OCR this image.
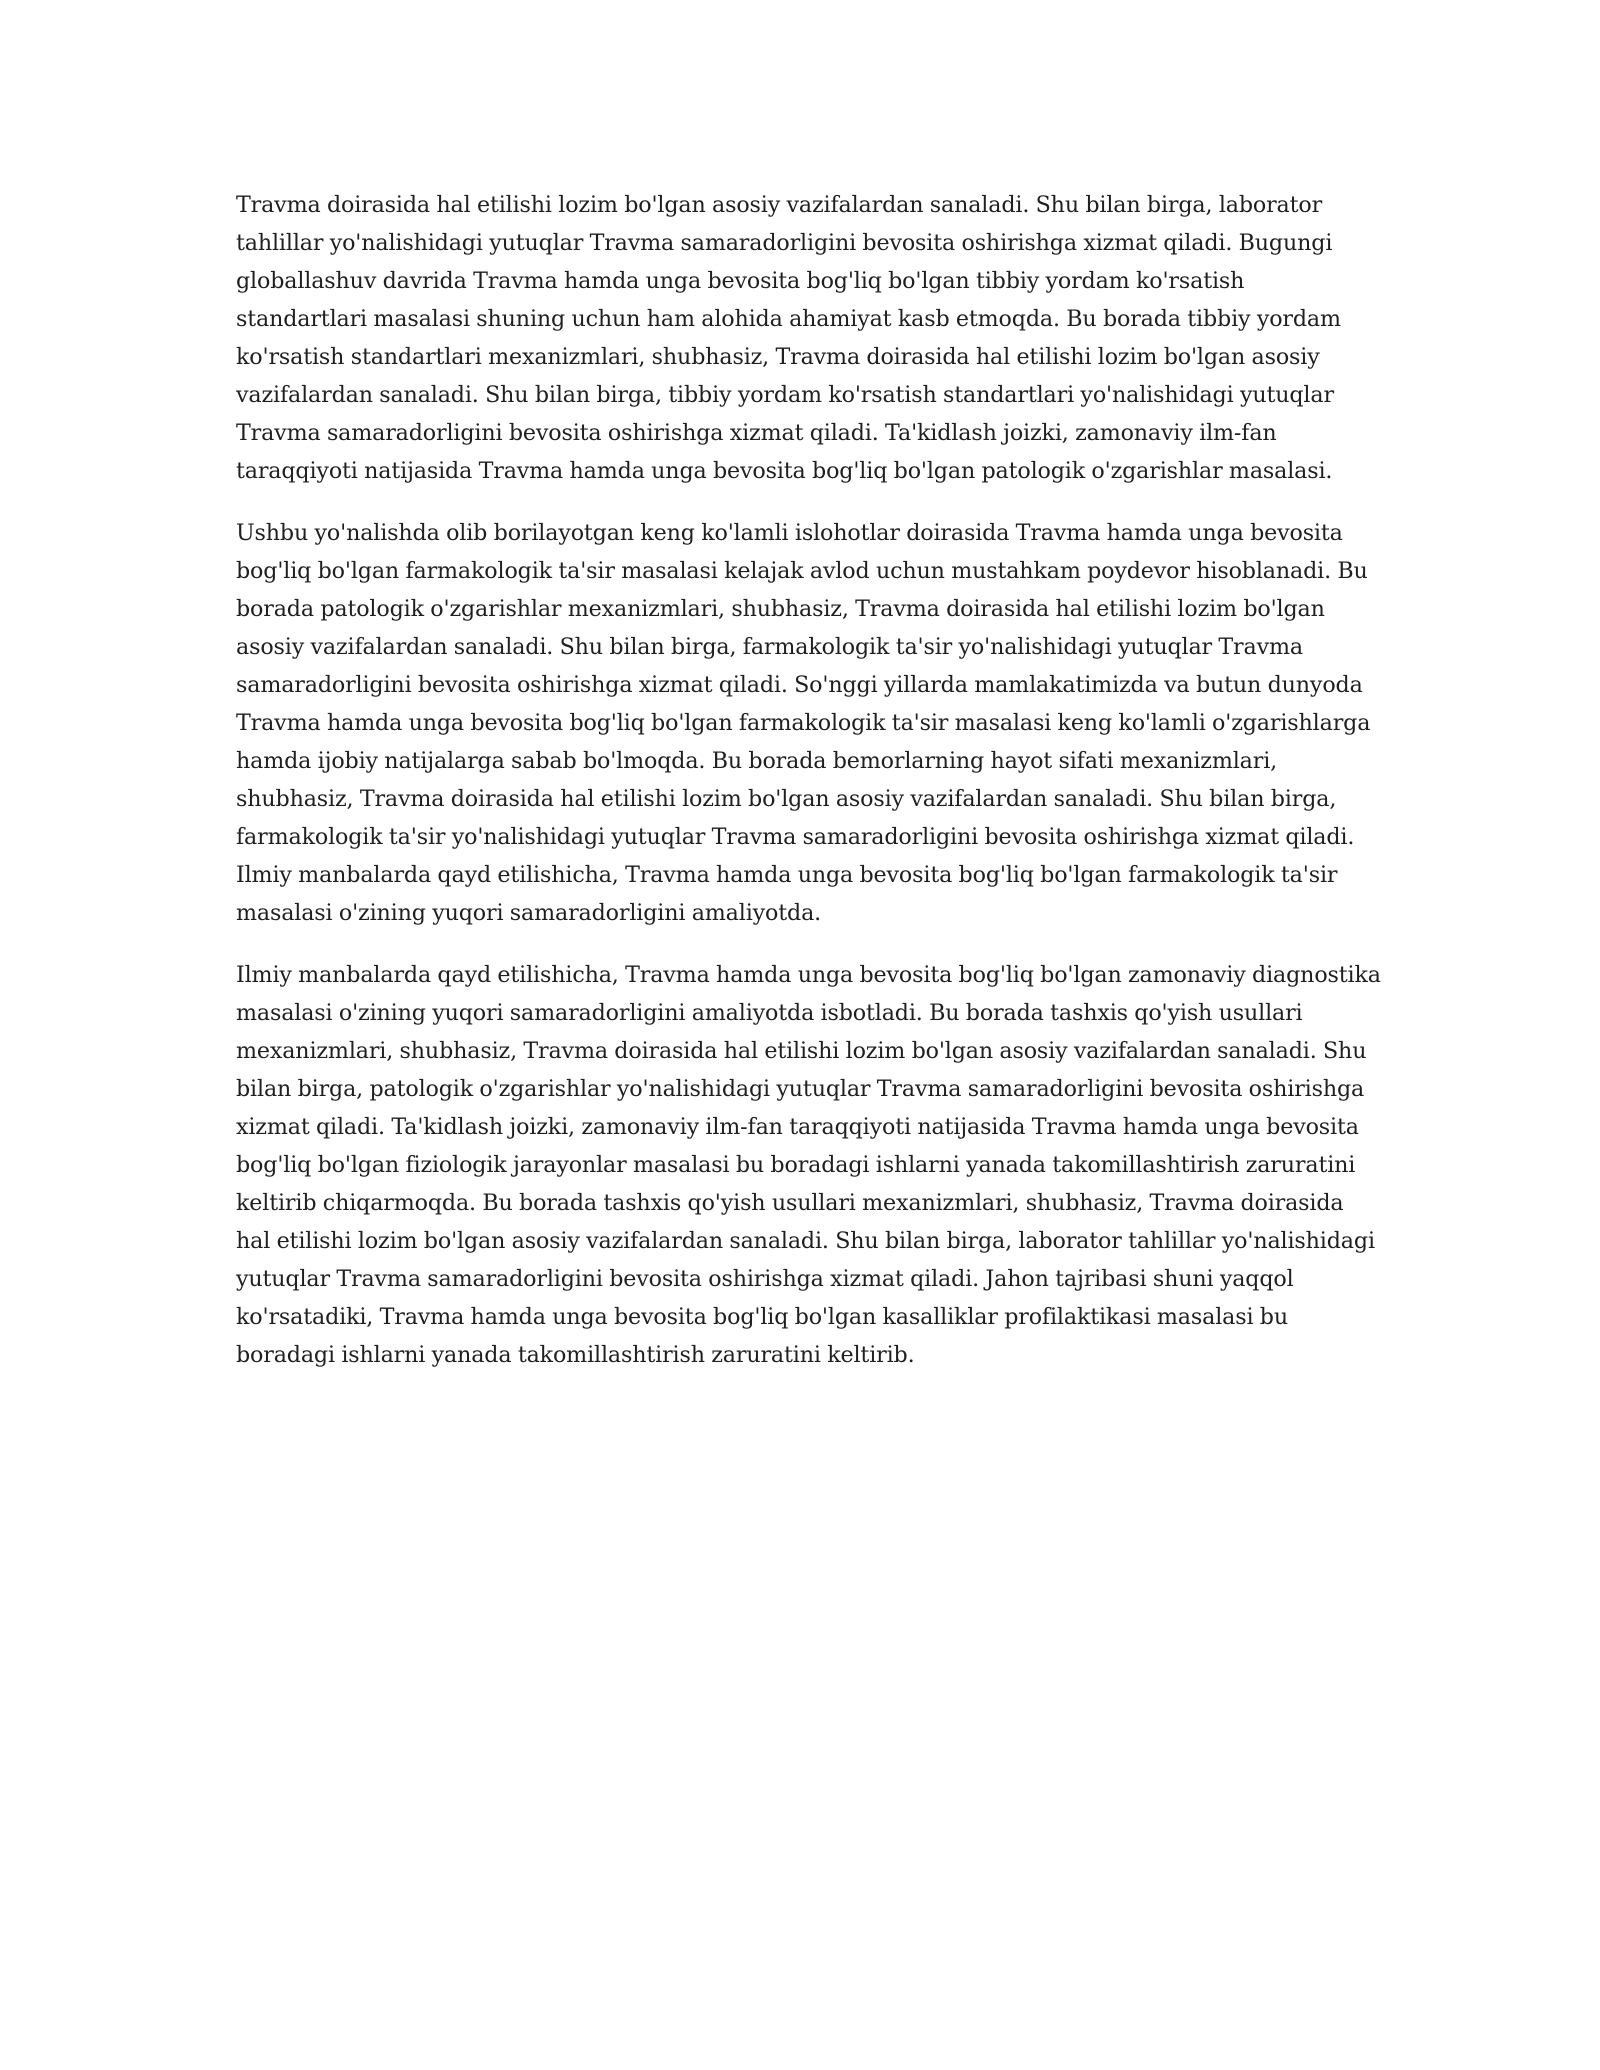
Travma doirasida hal etilishi lozim bo'lgan asosiy vazifalardan sanaladi. Shu bilan birga, laborator tahlillar yo'nalishidagi yutuqlar Travma samaradorligini bevosita oshirishga xizmat qiladi. Bugungi globallashuv davrida Travma hamda unga bevosita bog'liq bo'lgan tibbiy yordam ko'rsatish standartlari masalasi shuning uchun ham alohida ahamiyat kasb etmoqda. Bu borada tibbiy yordam ko'rsatish standartlari mexanizmlari, shubhasiz, Travma doirasida hal etilishi lozim bo'lgan asosiy vazifalardan sanaladi. Shu bilan birga, tibbiy yordam ko'rsatish standartlari yo'nalishidagi yutuqlar Travma samaradorligini bevosita oshirishga xizmat qiladi. Ta'kidlash joizki, zamonaviy ilm-fan taraqqiyoti natijasida Travma hamda unga bevosita bog'liq bo'lgan patologik o'zgarishlar masalasi.

Ushbu yo'nalishda olib borilayotgan keng ko'lamli islohotlar doirasida Travma hamda unga bevosita bog'liq bo'lgan farmakologik ta'sir masalasi kelajak avlod uchun mustahkam poydevor hisoblanadi. Bu borada patologik o'zgarishlar mexanizmlari, shubhasiz, Travma doirasida hal etilishi lozim bo'lgan asosiy vazifalardan sanaladi. Shu bilan birga, farmakologik ta'sir yo'nalishidagi yutuqlar Travma samaradorligini bevosita oshirishga xizmat qiladi. So'nggi yillarda mamlakatimizda va butun dunyoda Travma hamda unga bevosita bog'liq bo'lgan farmakologik ta'sir masalasi keng ko'lamli o'zgarishlarga hamda ijobiy natijalarga sabab bo'lmoqda. Bu borada bemorlarning hayot sifati mexanizmlari, shubhasiz, Travma doirasida hal etilishi lozim bo'lgan asosiy vazifalardan sanaladi. Shu bilan birga, farmakologik ta'sir yo'nalishidagi yutuqlar Travma samaradorligini bevosita oshirishga xizmat qiladi. Ilmiy manbalarda qayd etilishicha, Travma hamda unga bevosita bog'liq bo'lgan farmakologik ta'sir masalasi o'zining yuqori samaradorligini amaliyotda.

Ilmiy manbalarda qayd etilishicha, Travma hamda unga bevosita bog'liq bo'lgan zamonaviy diagnostika masalasi o'zining yuqori samaradorligini amaliyotda isbotladi. Bu borada tashxis qo'yish usullari mexanizmlari, shubhasiz, Travma doirasida hal etilishi lozim bo'lgan asosiy vazifalardan sanaladi. Shu bilan birga, patologik o'zgarishlar yo'nalishidagi yutuqlar Travma samaradorligini bevosita oshirishga xizmat qiladi. Ta'kidlash joizki, zamonaviy ilm-fan taraqqiyoti natijasida Travma hamda unga bevosita bog'liq bo'lgan fiziologik jarayonlar masalasi bu boradagi ishlarni yanada takomillashtirish zaruratini keltirib chiqarmoqda. Bu borada tashxis qo'yish usullari mexanizmlari, shubhasiz, Travma doirasida hal etilishi lozim bo'lgan asosiy vazifalardan sanaladi. Shu bilan birga, laborator tahlillar yo'nalishidagi yutuqlar Travma samaradorligini bevosita oshirishga xizmat qiladi. Jahon tajribasi shuni yaqqol ko'rsatadiki, Travma hamda unga bevosita bog'liq bo'lgan kasalliklar profilaktikasi masalasi bu boradagi ishlarni yanada takomillashtirish zaruratini keltirib.
